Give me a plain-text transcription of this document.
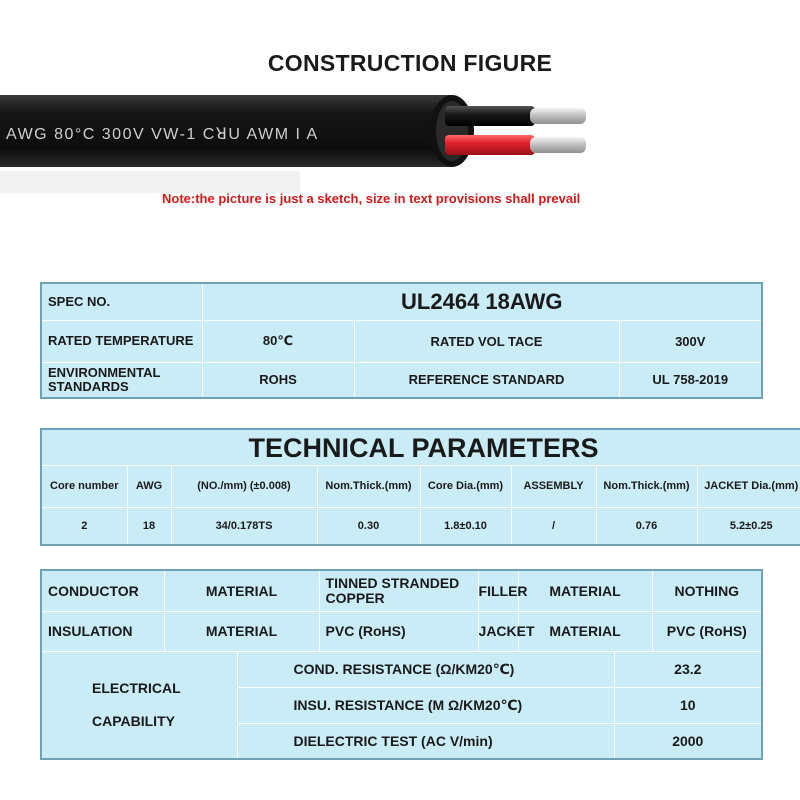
CONSTRUCTION FIGURE
AWG 80°C 300V VW-1 CꓤU AWM I A
Note:the picture is just a sketch, size in text provisions shall prevail
SPEC NO.	UL2464 18AWG		
RATED TEMPERATURE	80℃	RATED VOL TACE	300V
ENVIRONMENTAL STANDARDS	ROHS	REFERENCE STANDARD	UL 758-2019
TECHNICAL PARAMETERS							
Core number	AWG	(NO./mm) (±0.008)	Nom.Thick.(mm)	Core Dia.(mm)	ASSEMBLY	Nom.Thick.(mm)	JACKET Dia.(mm)
2	18	34/0.178TS	0.30	1.8±0.10	/	0.76	5.2±0.25
CONDUCTOR	MATERIAL		TINNED STRANDED COPPER	FILLER	MATERIAL		NOTHING
INSULATION	MATERIAL		PVC (RoHS)	JACKET	MATERIAL		PVC (RoHS)
ELECTRICAL CAPABILITY		COND. RESISTANCE (Ω/KM20℃)				23.2	
		INSU. RESISTANCE (M Ω/KM20℃)				10	
		DIELECTRIC TEST (AC V/min)				2000	
